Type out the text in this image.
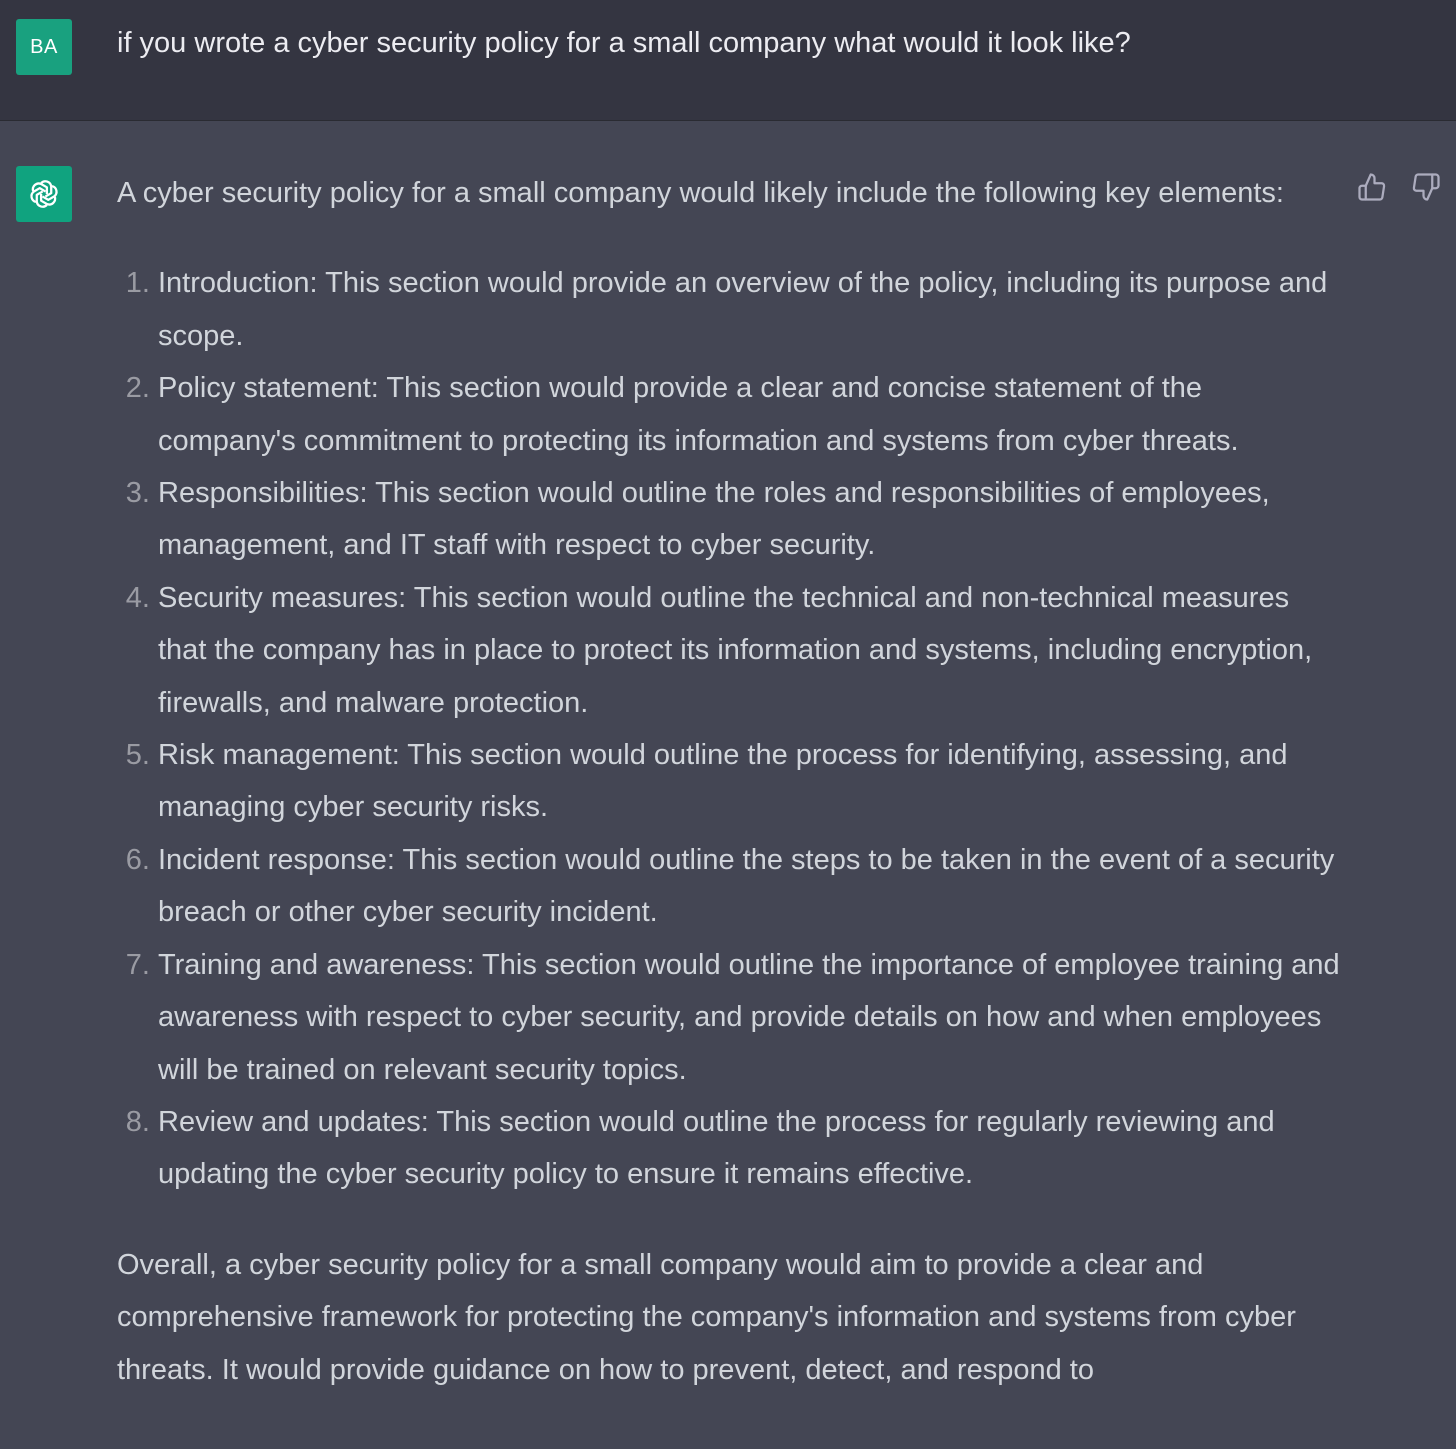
BA if you wrote a cyber security policy for a small company what would it look like?

A cyber security policy for a small company would likely include the following key elements:

1. Introduction: This section would provide an overview of the policy, including its purpose and scope.
2. Policy statement: This section would provide a clear and concise statement of the company's commitment to protecting its information and systems from cyber threats.
3. Responsibilities: This section would outline the roles and responsibilities of employees, management, and IT staff with respect to cyber security.
4. Security measures: This section would outline the technical and non-technical measures that the company has in place to protect its information and systems, including encryption, firewalls, and malware protection.
5. Risk management: This section would outline the process for identifying, assessing, and managing cyber security risks.
6. Incident response: This section would outline the steps to be taken in the event of a security breach or other cyber security incident.
7. Training and awareness: This section would outline the importance of employee training and awareness with respect to cyber security, and provide details on how and when employees will be trained on relevant security topics.
8. Review and updates: This section would outline the process for regularly reviewing and updating the cyber security policy to ensure it remains effective.

Overall, a cyber security policy for a small company would aim to provide a clear and comprehensive framework for protecting the company's information and systems from cyber threats. It would provide guidance on how to prevent, detect, and respond to
